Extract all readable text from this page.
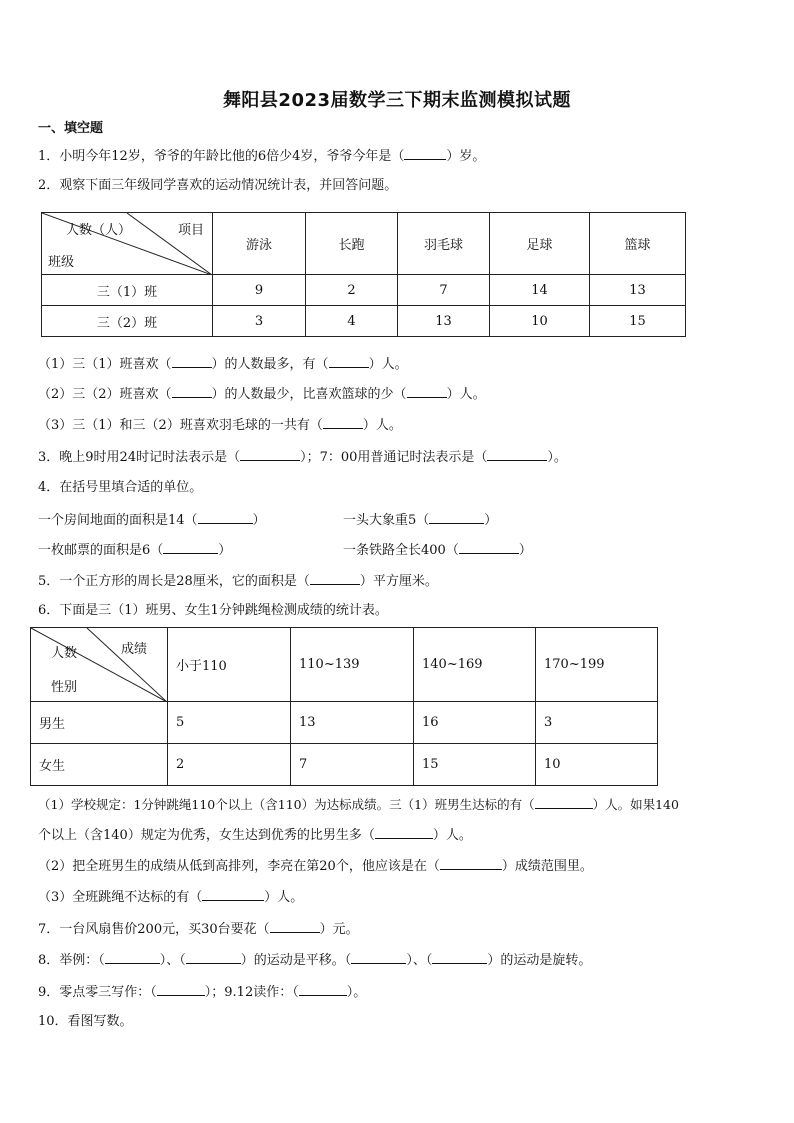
舞阳县2023届数学三下期末监测模拟试题
一、填空题
1．小明今年12岁，爷爷的年龄比他的6倍少4岁，爷爷今年是（	）岁。
2．观察下面三年级同学喜欢的运动情况统计表，并回答问题。
人数（人） 项目
班级	游泳	长跑	羽毛球	足球	篮球
三（1）班	9	2	7	14	13
三（2）班	3	4	13	10	15
（1）三（1）班喜欢（	）的人数最多，有（	）人。
（2）三（2）班喜欢（	）的人数最少，比喜欢篮球的少（	）人。
（3）三（1）和三（2）班喜欢羽毛球的一共有（	）人。
3．晚上9时用24时记时法表示是（	）；7：00用普通记时法表示是（	）。
4．在括号里填合适的单位。
一个房间地面的面积是14（	）	一头大象重5（	）
一枚邮票的面积是6（	）	一条铁路全长400（	）
5．一个正方形的周长是28厘米，它的面积是（	）平方厘米。
6．下面是三（1）班男、女生1分钟跳绳检测成绩的统计表。
人数 成绩
性别	小于110	110~139	140~169	170~199
男生	5	13	16	3
女生	2	7	15	10
（1）学校规定：1分钟跳绳110个以上（含110）为达标成绩。三（1）班男生达标的有（	）人。如果140
个以上（含140）规定为优秀，女生达到优秀的比男生多（	）人。
（2）把全班男生的成绩从低到高排列，李亮在第20个，他应该是在（	）成绩范围里。
（3）全班跳绳不达标的有（	）人。
7．一台风扇售价200元，买30台要花（	）元。
8．举例：（	）、（	）的运动是平移。（	）、（	）的运动是旋转。
9．零点零三写作：（	）；9.12读作：（	）。
10．看图写数。
